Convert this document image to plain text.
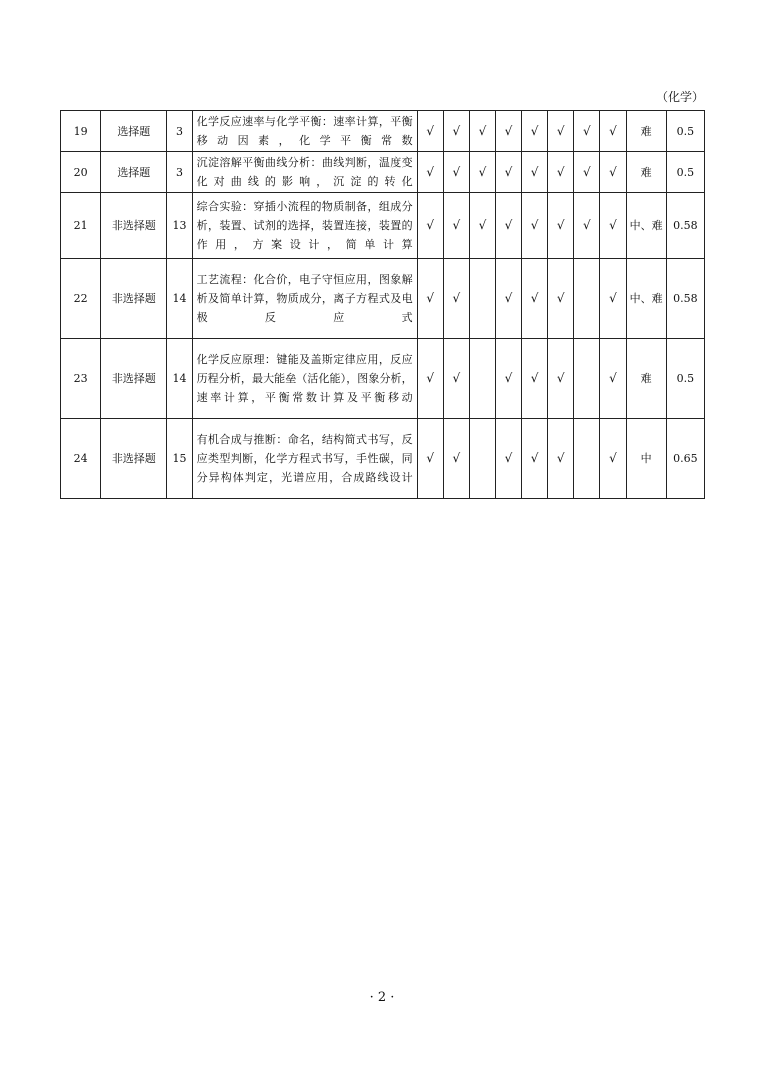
（化学）
19	选择题	3	化学反应速率与化学平衡：速率计算，平衡移动因素，化学平衡常数	√	√	√	√	√	√	√	√	难	0.5
20	选择题	3	沉淀溶解平衡曲线分析：曲线判断，温度变化对曲线的影响，沉淀的转化	√	√	√	√	√	√	√	√	难	0.5
21	非选择题	13	综合实验：穿插小流程的物质制备，组成分析，装置、试剂的选择，装置连接，装置的作用，方案设计，简单计算	√	√	√	√	√	√	√	√	中、难	0.58
22	非选择题	14	工艺流程：化合价，电子守恒应用，图象解析及简单计算，物质成分，离子方程式及电极反应式	√	√		√	√	√		√	中、难	0.58
23	非选择题	14	化学反应原理：键能及盖斯定律应用，反应历程分析，最大能垒（活化能），图象分析，速率计算，平衡常数计算及平衡移动	√	√		√	√	√		√	难	0.5
24	非选择题	15	有机合成与推断：命名，结构简式书写，反应类型判断，化学方程式书写，手性碳，同分异构体判定，光谱应用，合成路线设计	√	√		√	√	√		√	中	0.65
· 2 ·
